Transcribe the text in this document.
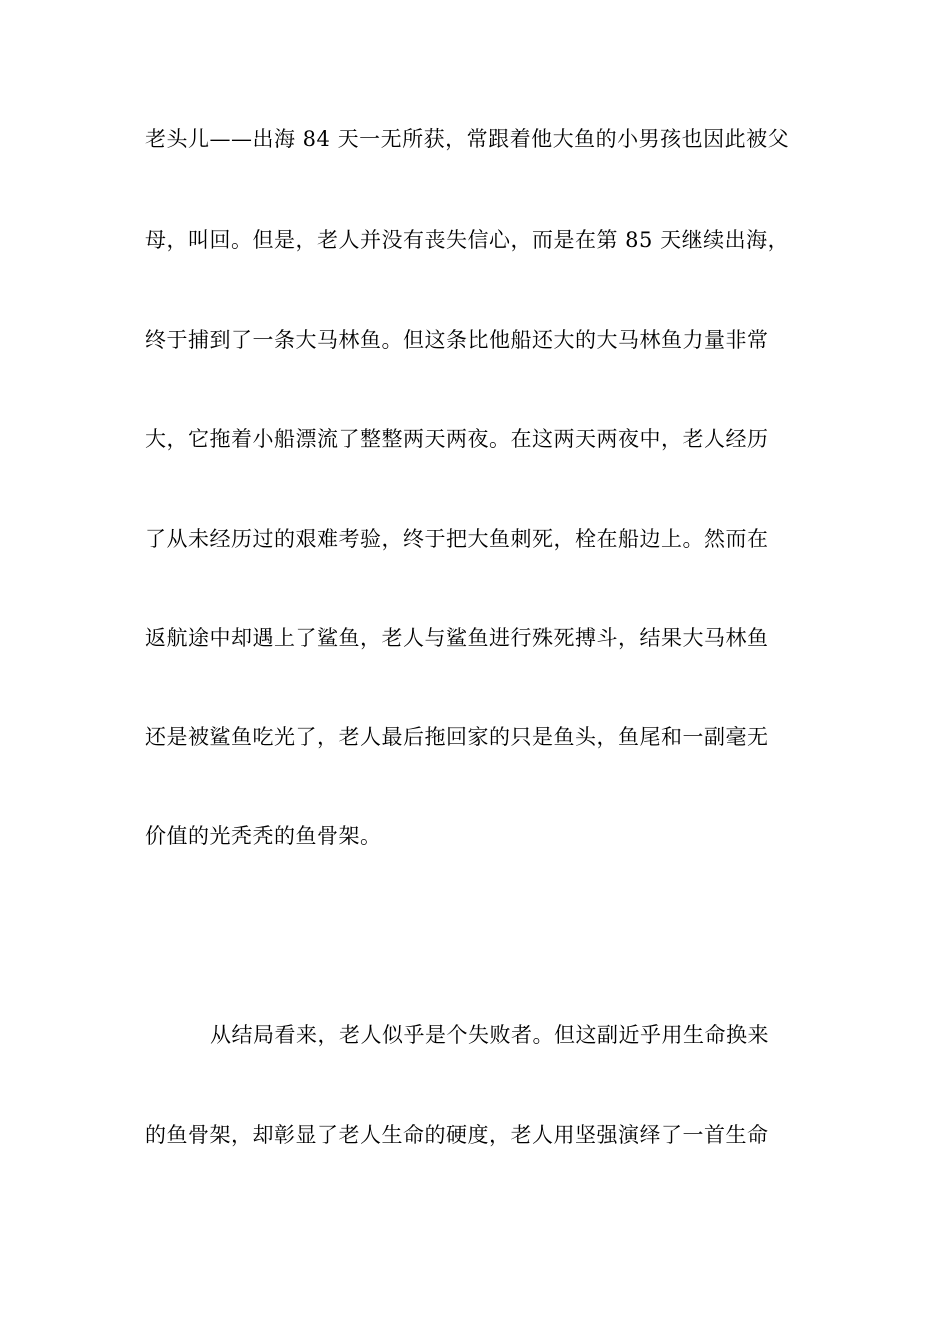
老头儿——出海 84 天一无所获，常跟着他大鱼的小男孩也因此被父
母，叫回。但是，老人并没有丧失信心，而是在第 85 天继续出海，
终于捕到了一条大马林鱼。但这条比他船还大的大马林鱼力量非常
大，它拖着小船漂流了整整两天两夜。在这两天两夜中，老人经历
了从未经历过的艰难考验，终于把大鱼刺死，栓在船边上。然而在
返航途中却遇上了鲨鱼，老人与鲨鱼进行殊死搏斗，结果大马林鱼
还是被鲨鱼吃光了，老人最后拖回家的只是鱼头，鱼尾和一副毫无
价值的光秃秃的鱼骨架。
从结局看来，老人似乎是个失败者。但这副近乎用生命换来
的鱼骨架，却彰显了老人生命的硬度，老人用坚强演绎了一首生命
